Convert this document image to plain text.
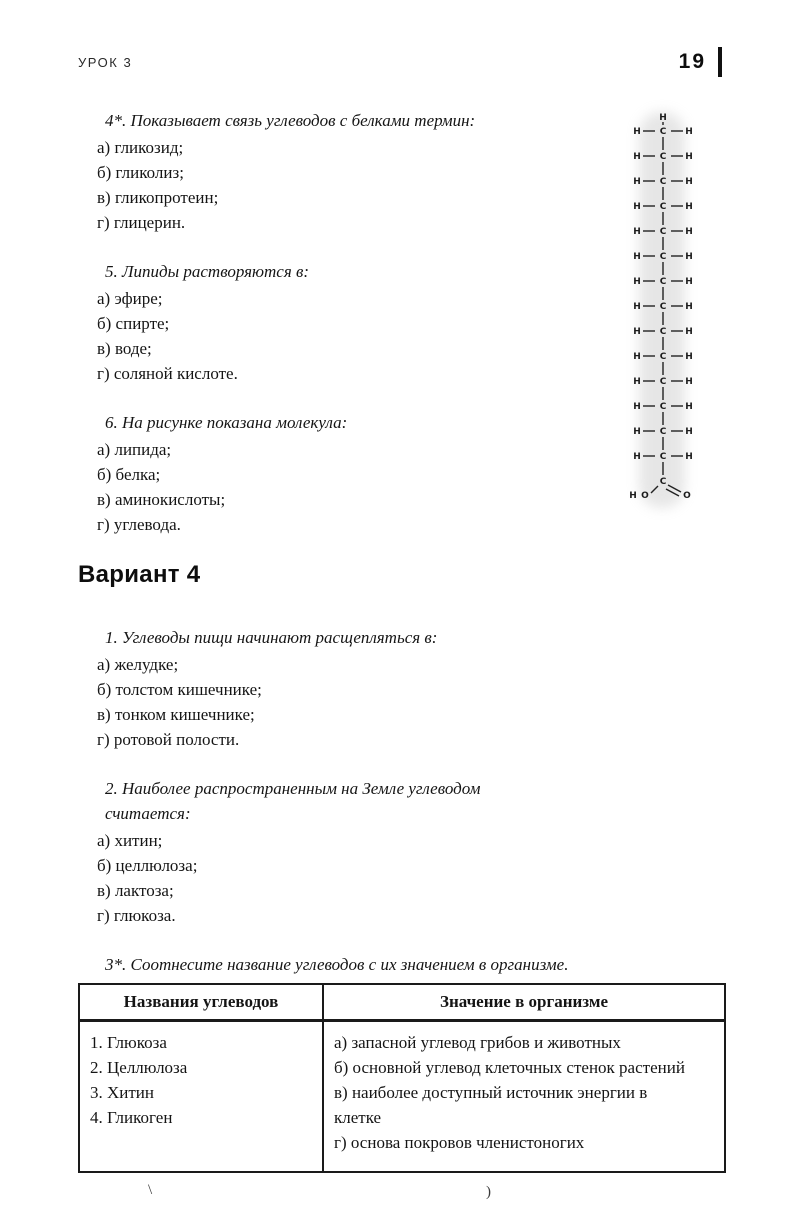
УРОК 3	19
H
C
H	H
C
H	H
C
H	H
C
H	H
C
H	H
C
H	H
C
H	H
C
H	H
C
H	H
C
H	H
C
H	H
C
H	H
C
H	H
C
H	H
C
H O	O

4*. Показывает связь углеводов с белками термин:

а) гликозид;

б) гликолиз;

в) гликопротеин;

г) глицерин.

5. Липиды растворяются в:

а) эфире;

б) спирте;

в) воде;

г) соляной кислоте.

6. На рисунке показана молекула:

а) липида;

б) белка;

в) аминокислоты;

г) углевода.

Вариант 4

1. Углеводы пищи начинают расщепляться в:

а) желудке;

б) толстом кишечнике;

в) тонком кишечнике;

г) ротовой полости.

2. Наиболее распространенным на Земле углеводом считается:

а) хитин;

б) целлюлоза;

в) лактоза;

г) глюкоза.

3*. Соотнесите название углеводов с их значением в организме.

Названия углеводов	Значение в организме

1. Глюкоза
2. Целлюлоза
3. Хитин
4. Гликоген

а) запасной углевод грибов и животных
б) основной углевод клеточных стенок растений
в) наиболее доступный источник энергии в клетке
г) основа покровов членистоногих
\	)
